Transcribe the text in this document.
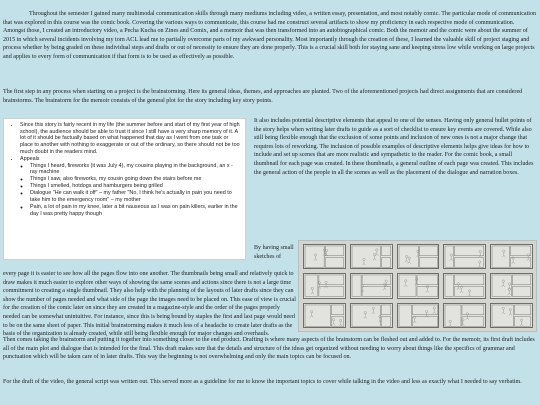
Throughout the semester I gained many multimodal communication skills through many mediums including video, a written essay, presentation, and most notably comic. The particular mode of communication that was explored in this course was the comic book. Covering the various ways to communicate, this course had me construct several artifacts to show my proficiency in each respective mode of communication. Amongst those, I created an introductory video, a Pecha Kucha on Zines and Comix, and a memoir that was then transformed into an autobiographical comic. Both the memoir and the comic were about the summer of 2015 in which several incidents involving my torn ACL lead me to partially overcome parts of my awkward personality. Most importantly through the creation of these, I learned the valuable skill of project staging and process whether by being graded on these individual steps and drafts or out of necessity to ensure they are done properly. This is a crucial skill both for staying sane and keeping stress low while working on large projects and applies to every form of communication if that form is to be used as effectively as possible.

The first step in any process when starting on a project is the brainstorming. Here its general ideas, themes, and approaches are planted. Two of the aforementioned projects had direct assignments that are considered brainstorms. The brainstorm for the memoir consists of the general plot for the story including key story points.

• Since this story is fairly recent in my life (the summer before and start of my first year of high school), the audience should be able to trust it since I still have a very sharp memory of it. A lot of it should be factually based on what happened that day as I went from one task or place to another with nothing to exaggerate or out of the ordinary, so there should not be too much doubt in the readers mind.
• Appeals
◦ Things I heard, fireworks (it was July 4), my cousins playing in the background, an x - ray machine
◦ Things I saw, also fireworks, my cousin going down the stairs before me
◦ Things I smelled, hotdogs and hamburgers being grilled
◦ Dialogue "He can walk it off" – my father "No, I think he's actually in pain you need to take him to the emergency room" – my mother
◦ Pain, a lot of pain in my knee, later a bit nauseous as I was on pain killers, earlier in the day I was pretty happy though

It also includes potential descriptive elements that appeal to one of the senses. Having only general bullet points of the story helps when writing later drafts to guide as a sort of checklist to ensure key events are covered. While also still being flexible enough that the exclusion of some points and inclusion of new ones is not a major change that requires lots of reworking. The inclusion of possible examples of descriptive elements helps give ideas for how to include and set up scenes that are more realistic and sympathetic to the reader. For the comic book, a small thumbnail for each page was created. In these thumbnails, a general outline of each page was created. This includes the general action of the people in all the scenes as well as the placement of the dialogue and narration boxes.

By having small sketches of

every page it is easier to see how all the pages flow into one another. The thumbnails being small and relatively quick to draw makes it much easier to explore other ways of showing the same scenes and actions since there is not a large time commitment to creating a single thumbnail. They also help with the planning of the layouts of later drafts since they can show the number of pages needed and what side of the page the images need to be placed on. This ease of view is crucial for the creation of the comic later on since they are created in a magazine-style and the order of the pages properly needed can be somewhat unintuitive. For instance, since this is being bound by staples the first and last page would need to be on the same sheet of paper. This initial brainstorming makes it much less of a headache to create later drafts as the basis of the organization is already created, while still being flexible enough for major changes and overhauls.

Then comes taking the brainstorm and putting it together into something closer to the end product. Drafting is where many aspects of the brainstorm can be fleshed out and added to. For the memoir, its first draft includes all of the main plot and dialogue that is intended for the final. This draft makes sure that the details and structure of the ideas get organized without needing to worry about things like the specifics of grammar and punctuation which will be taken care of in later drafts. This way the beginning is not overwhelming and only the main topics can be focused on.

For the draft of the video, the general script was written out. This served more as a guideline for me to know the important topics to cover while talking in the video and less as exactly what I needed to say verbatim.
